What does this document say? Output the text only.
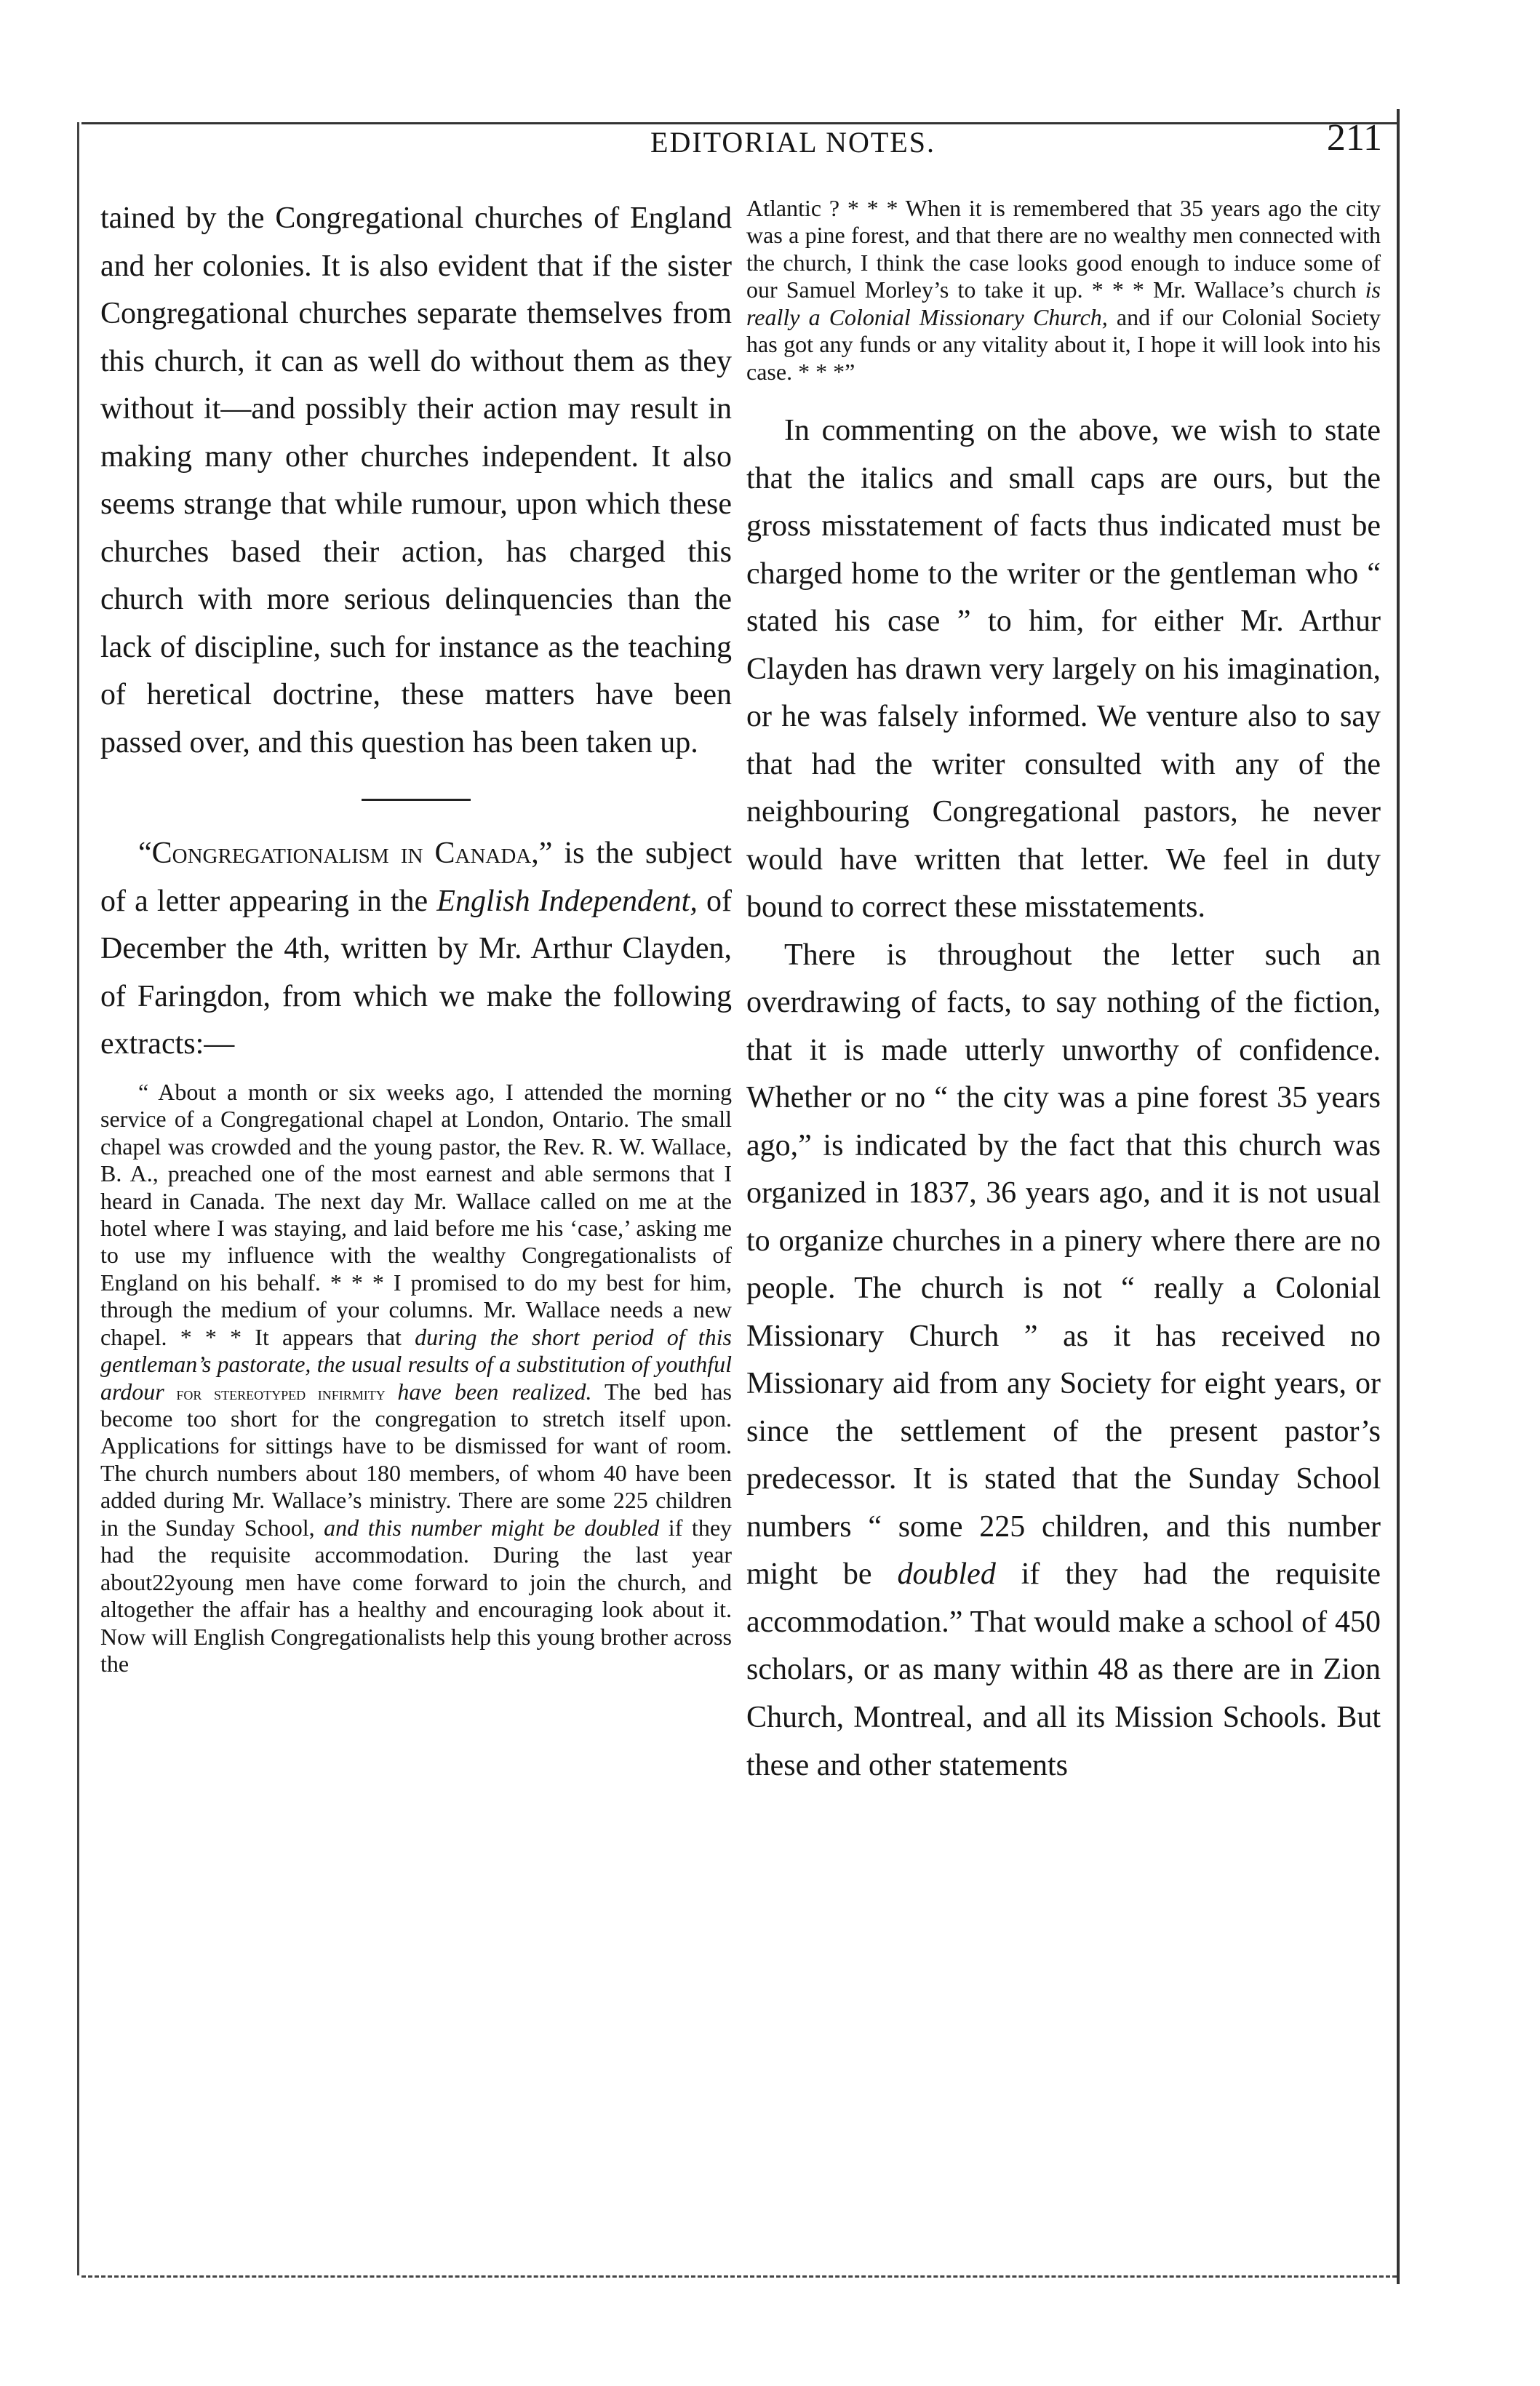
EDITORIAL NOTES.	211

tained by the Congregational churches of England and her colonies. It is also evident that if the sister Congregational churches separate themselves from this church, it can as well do without them as they without it—and possibly their action may result in making many other churches independent. It also seems strange that while rumour, upon which these churches based their action, has charged this church with more serious delinquencies than the lack of discipline, such for instance as the teaching of heretical doctrine, these matters have been passed over, and this question has been taken up.

“Congregationalism in Canada,” is the subject of a letter appearing in the English Independent, of December the 4th, written by Mr. Arthur Clayden, of Faringdon, from which we make the following extracts:—

“ About a month or six weeks ago, I attended the morning service of a Congregational chapel at London, Ontario. The small chapel was crowded and the young pastor, the Rev. R. W. Wallace, B. A., preached one of the most earnest and able sermons that I heard in Canada. The next day Mr. Wallace called on me at the hotel where I was staying, and laid before me his ‘case,’ asking me to use my influence with the wealthy Congregationalists of England on his behalf. * * * I promised to do my best for him, through the medium of your columns. Mr. Wallace needs a new chapel. * * * It appears that during the short period of this gentleman’s pastorate, the usual results of a substitution of youthful ardour for stereotyped infirmity have been realized. The bed has become too short for the congregation to stretch itself upon. Applications for sittings have to be dismissed for want of room. The church numbers about 180 members, of whom 40 have been added during Mr. Wallace’s ministry. There are some 225 children in the Sunday School, and this number might be doubled if they had the requisite accommodation. During the last year about22young men have come forward to join the church, and altogether the affair has a healthy and encouraging look about it. Now will English Congregationalists help this young brother across the

Atlantic ? * * * When it is remembered that 35 years ago the city was a pine forest, and that there are no wealthy men connected with the church, I think the case looks good enough to induce some of our Samuel Morley’s to take it up. * * * Mr. Wallace’s church is really a Colonial Missionary Church, and if our Colonial Society has got any funds or any vitality about it, I hope it will look into his case. * * *”

In commenting on the above, we wish to state that the italics and small caps are ours, but the gross misstatement of facts thus indicated must be charged home to the writer or the gentleman who “ stated his case ” to him, for either Mr. Arthur Clayden has drawn very largely on his imagination, or he was falsely informed. We venture also to say that had the writer consulted with any of the neighbouring Congregational pastors, he never would have written that letter. We feel in duty bound to correct these misstatements.

There is throughout the letter such an overdrawing of facts, to say nothing of the fiction, that it is made utterly unworthy of confidence. Whether or no “ the city was a pine forest 35 years ago,” is indicated by the fact that this church was organized in 1837, 36 years ago, and it is not usual to organize churches in a pinery where there are no people. The church is not “ really a Colonial Missionary Church ” as it has received no Missionary aid from any Society for eight years, or since the settlement of the present pastor’s predecessor. It is stated that the Sunday School numbers “ some 225 children, and this number might be doubled if they had the requisite accommodation.” That would make a school of 450 scholars, or as many within 48 as there are in Zion Church, Montreal, and all its Mission Schools. But these and other statements
